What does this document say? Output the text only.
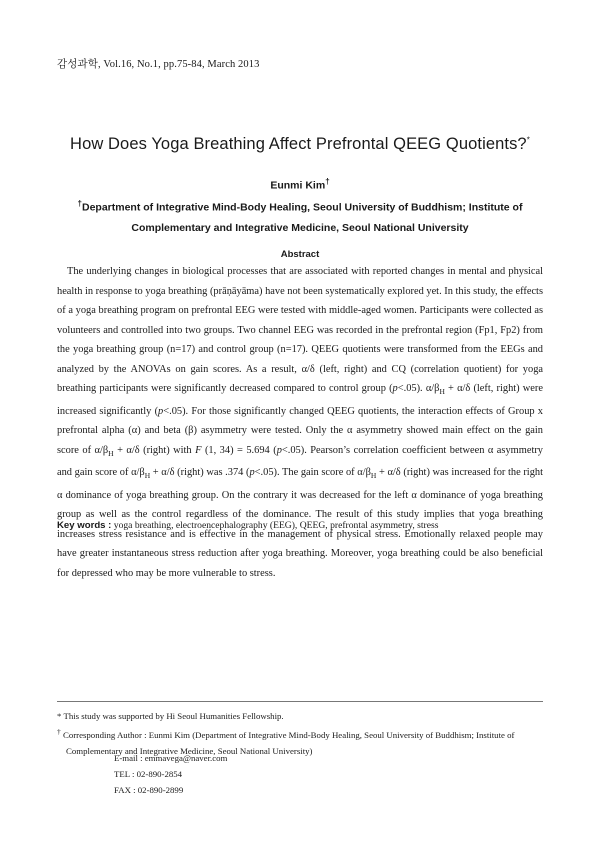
감성과학, Vol.16, No.1, pp.75-84, March 2013
How Does Yoga Breathing Affect Prefrontal QEEG Quotients?*
Eunmi Kim†
†Department of Integrative Mind-Body Healing, Seoul University of Buddhism; Institute of
Complementary and Integrative Medicine, Seoul National University
Abstract

The underlying changes in biological processes that are associated with reported changes in mental and physical health in response to yoga breathing (prāṇāyāma) have not been systematically explored yet. In this study, the effects of a yoga breathing program on prefrontal EEG were tested with middle-aged women. Participants were collected as volunteers and controlled into two groups. Two channel EEG was recorded in the prefrontal region (Fp1, Fp2) from the yoga breathing group (n=17) and control group (n=17). QEEG quotients were transformed from the EEGs and analyzed by the ANOVAs on gain scores. As a result, α/δ (left, right) and CQ (correlation quotient) for yoga breathing participants were significantly decreased compared to control group (p<.05). $\alpha/\beta_H + \alpha/\delta$ (left, right) were increased significantly (p<.05). For those significantly changed QEEG quotients, the interaction effects of Group x prefrontal alpha (α) and beta (β) asymmetry were tested. Only the α asymmetry showed main effect on the gain score of $\alpha/\beta_H + \alpha/\delta$ (right) with F (1, 34) = 5.694 (p<.05). Pearson’s correlation coefficient between α asymmetry and gain score of $\alpha/\beta_H + \alpha/\delta$ (right) was .374 (p<.05). The gain score of $\alpha/\beta_H + \alpha/\delta$ (right) was increased for the right α dominance of yoga breathing group. On the contrary it was decreased for the left α dominance of yoga breathing group as well as the control regardless of the dominance. The result of this study implies that yoga breathing increases stress resistance and is effective in the management of physical stress. Emotionally relaxed people may have greater instantaneous stress reduction after yoga breathing. Moreover, yoga breathing could be also beneficial for depressed who may be more vulnerable to stress.

Key words : yoga breathing, electroencephalography (EEG), QEEG, prefrontal asymmetry, stress
* This study was supported by Hi Seoul Humanities Fellowship.
† Corresponding Author : Eunmi Kim (Department of Integrative Mind-Body Healing, Seoul University of Buddhism; Institute of Complementary and Integrative Medicine, Seoul National University)
E-mail : emmavega@naver.com
TEL : 02-890-2854
FAX : 02-890-2899
